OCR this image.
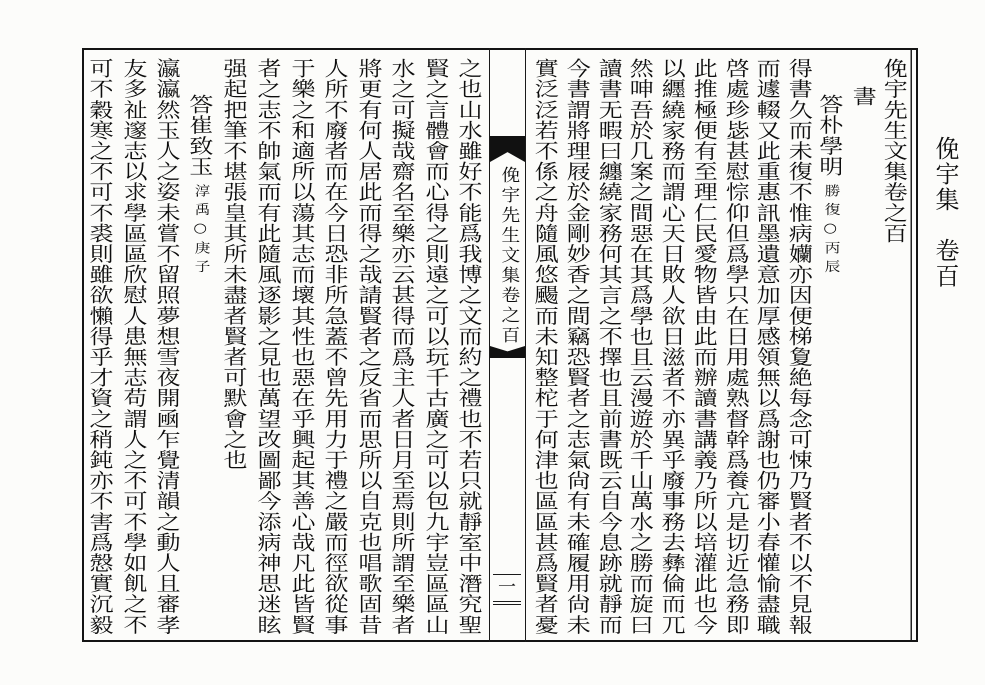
俛宇集　卷百
俛宇先生文集卷之百
一
俛宇先生文集卷之百
書
答朴學明勝復○丙辰
得書久而未復不惟病孏亦因便梯夐絶每念可悚乃賢者不以不見報
而遽輟又此重惠訊墨遺意加厚感領無以爲謝也仍審小春懽愉盡職
啓處珍毖甚慰悰仰但爲學只在日用處熟督幹爲養亢是切近急務即
此推極便有至理仁民愛物皆由此而辦讀書講義乃所以培灌此也今
以纒繞家務而謂心天日敗人欲日滋者不亦異乎廢事務去彝倫而兀
然呻吾於几案之間惡在其爲學也且云漫遊於千山萬水之勝而旋曰
讀書无暇曰纏繞家務何其言之不擇也且前書既云自今息跡就靜而
今書謂將理屐於金剛妙香之間竊恐賢者之志氣尙有未確履用尙未
實泛泛若不係之舟隨風悠颺而未知整柁于何津也區區甚爲賢者憂
之也山水雖好不能爲我博之文而約之禮也不若只就靜室中潛究聖
賢之言體會而心得之則遠之可以玩千古廣之可以包九宇豈區區山
水之可擬哉齋名至樂亦云甚得而爲主人者日月至焉則所謂至樂者
將更有何人居此而得之哉請賢者之反省而思所以自克也唱歌固昔
人所不廢者而在今日恐非所急蓋不曾先用力于禮之嚴而徑欲從事
于樂之和適所以蕩其志而壞其性也惡在乎興起其善心哉凡此皆賢
者之志不帥氣而有此隨風逐影之見也萬望改圖鄙今添病神思迷眩
强起把筆不堪張皇其所未盡者賢者可默會之也
答崔致玉淳禹○庚子
瀛瀛然玉人之姿未嘗不留照夢想雪夜開凾乍覺清韻之動人且審孝
友多祉邃志以求學區區欣慰人患無志苟謂人之不可不學如飢之不
可不穀寒之不可不裘則雖欲懶得乎才資之稍鈍亦不害爲慤實沉毅
